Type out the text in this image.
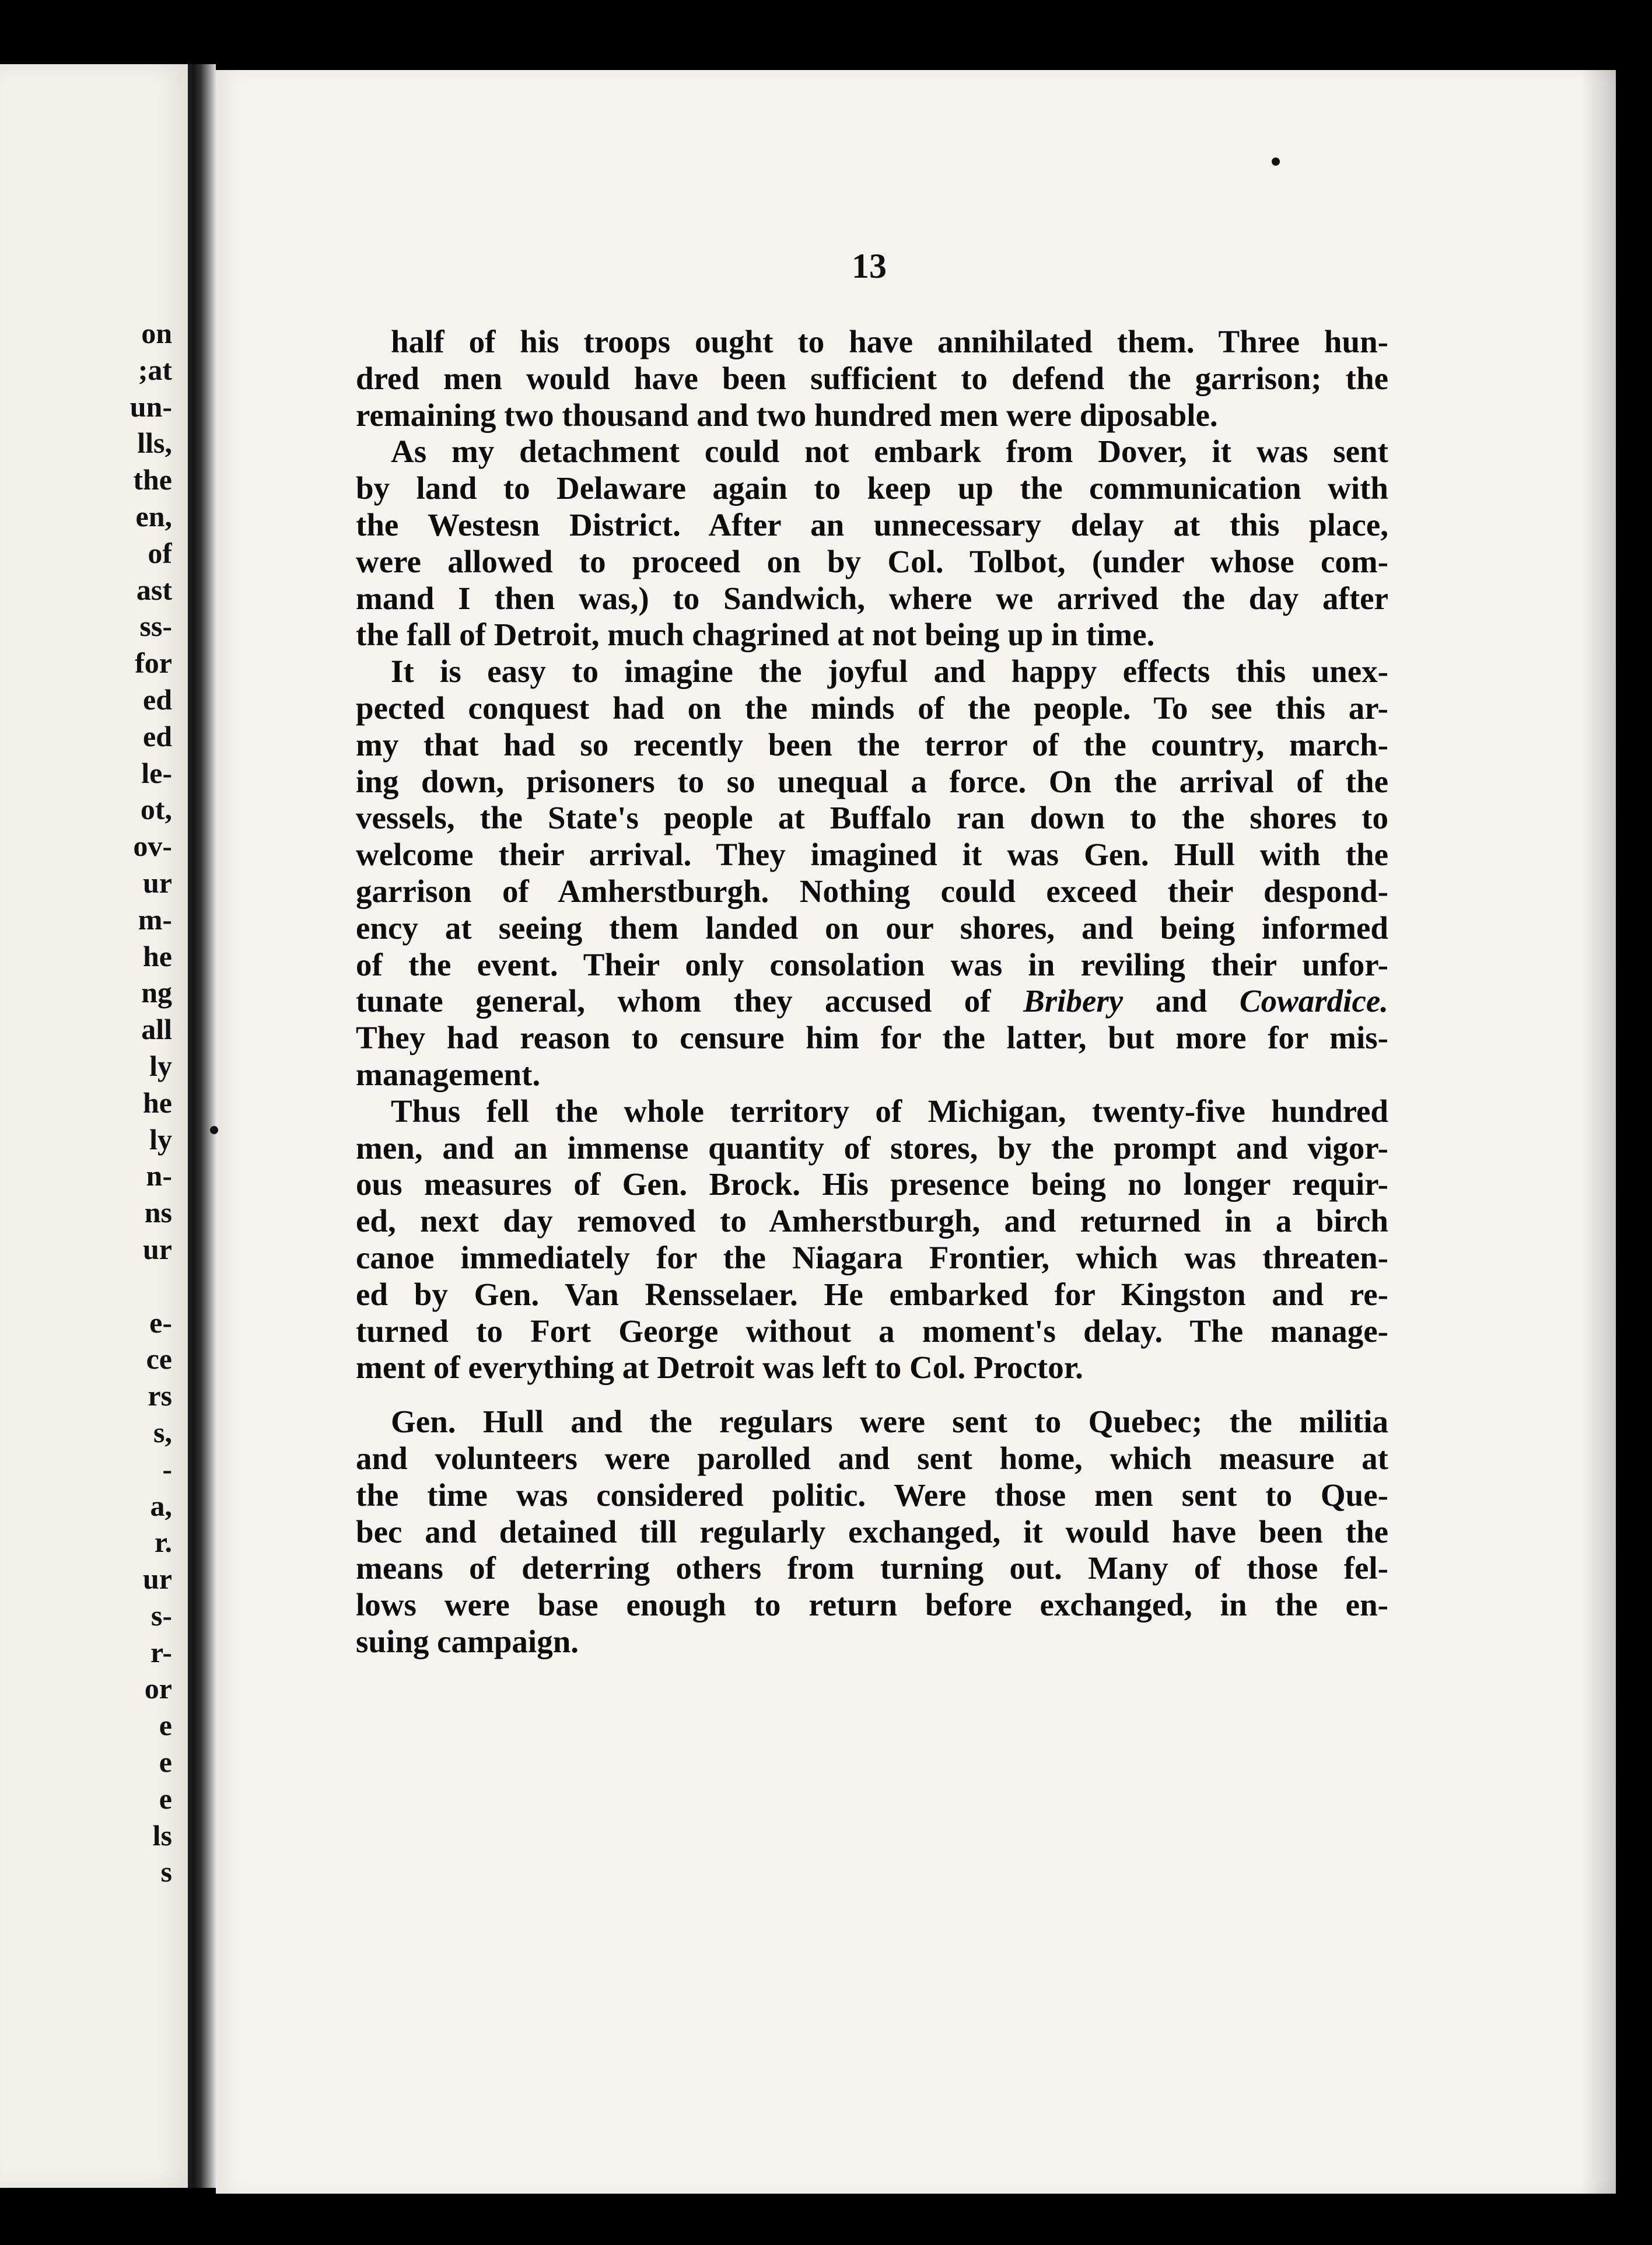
on
;at
un-
lls,
the
en,
of
ast
ss-
for
ed
ed
le-
ot,
ov-
ur
m-
he
ng
all
ly
he
ly
n-
ns
ur
e-
ce
rs
s,
-
a,
r.
ur
s-
r-
or
e
e
e
ls
s
13
half of his troops ought to have annihilated them. Three hun-
dred men would have been sufficient to defend the garrison; the
remaining two thousand and two hundred men were diposable.
As my detachment could not embark from Dover, it was sent
by land to Delaware again to keep up the communication with
the Westesn District. After an unnecessary delay at this place,
were allowed to proceed on by Col. Tolbot, (under whose com-
mand I then was,) to Sandwich, where we arrived the day after
the fall of Detroit, much chagrined at not being up in time.
It is easy to imagine the joyful and happy effects this unex-
pected conquest had on the minds of the people. To see this ar-
my that had so recently been the terror of the country, march-
ing down, prisoners to so unequal a force. On the arrival of the
vessels, the State's people at Buffalo ran down to the shores to
welcome their arrival. They imagined it was Gen. Hull with the
garrison of Amherstburgh. Nothing could exceed their despond-
ency at seeing them landed on our shores, and being informed
of the event. Their only consolation was in reviling their unfor-
tunate general, whom they accused of Bribery and Cowardice.
They had reason to censure him for the latter, but more for mis-
management.
Thus fell the whole territory of Michigan, twenty-five hundred
men, and an immense quantity of stores, by the prompt and vigor-
ous measures of Gen. Brock. His presence being no longer requir-
ed, next day removed to Amherstburgh, and returned in a birch
canoe immediately for the Niagara Frontier, which was threaten-
ed by Gen. Van Rensselaer. He embarked for Kingston and re-
turned to Fort George without a moment's delay. The manage-
ment of everything at Detroit was left to Col. Proctor.
Gen. Hull and the regulars were sent to Quebec; the militia
and volunteers were parolled and sent home, which measure at
the time was considered politic. Were those men sent to Que-
bec and detained till regularly exchanged, it would have been the
means of deterring others from turning out. Many of those fel-
lows were base enough to return before exchanged, in the en-
suing campaign.
